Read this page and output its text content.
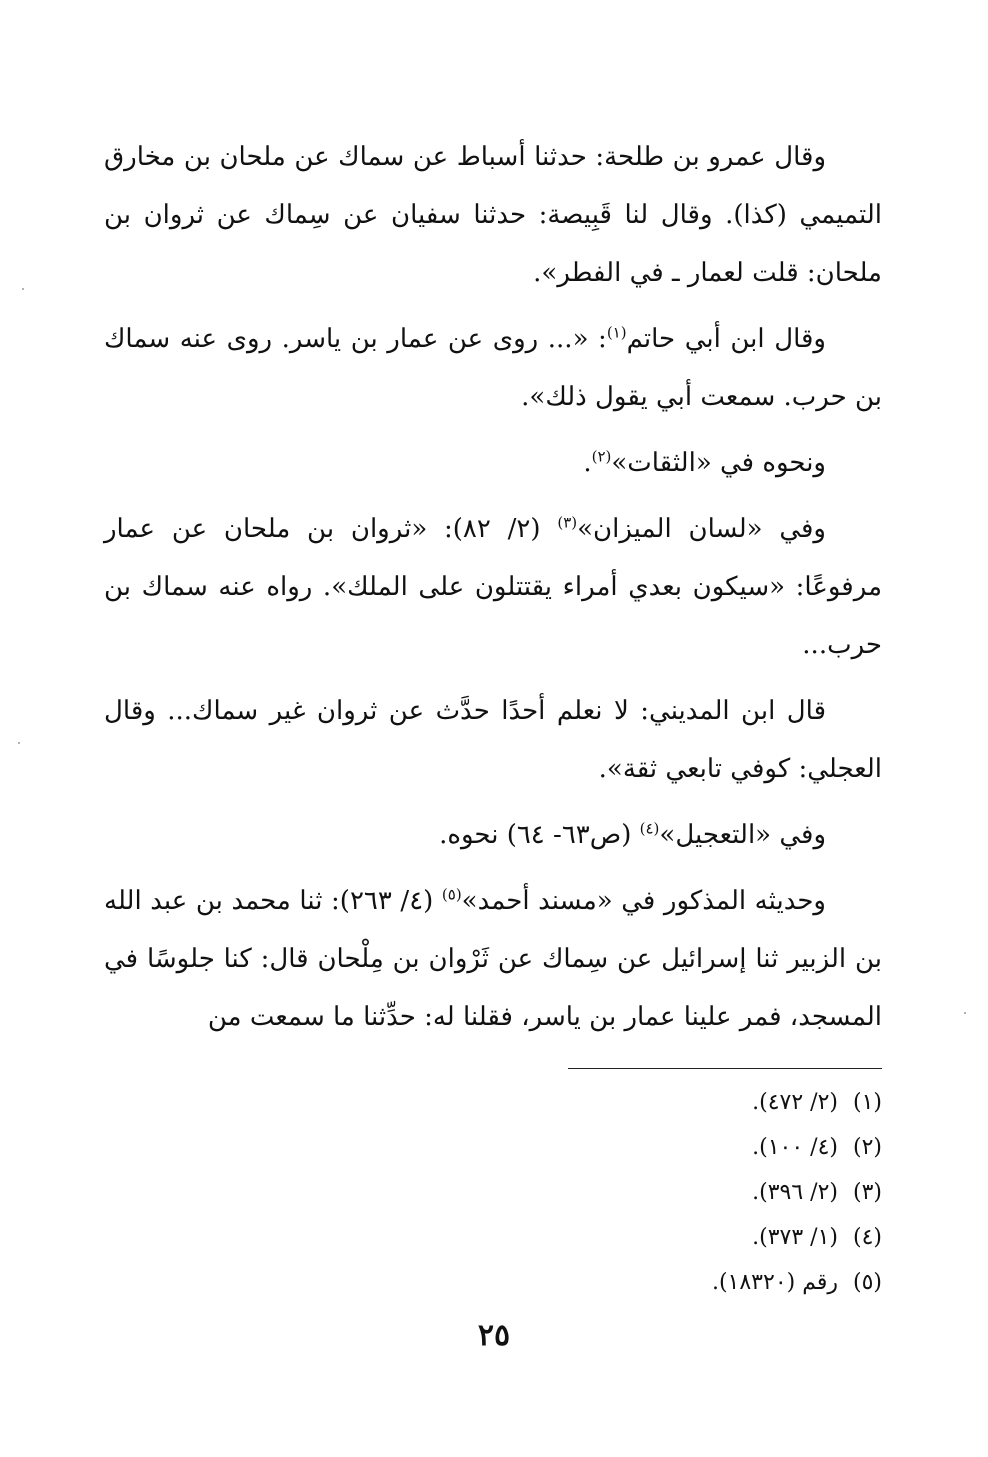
وقال عمرو بن طلحة: حدثنا أسباط عن سماك عن ملحان بن مخارق التميمي (كذا). وقال لنا قَبِيصة: حدثنا سفيان عن سِماك عن ثروان بن ملحان: قلت لعمار ـ في الفطر».

وقال ابن أبي حاتم$^{(١)}$: «... روى عن عمار بن ياسر. روى عنه سماك بن حرب. سمعت أبي يقول ذلك».

ونحوه في «الثقات»$^{(٢)}$.

وفي «لسان الميزان»$^{(٣)}$ (٢/ ٨٢): «ثروان بن ملحان عن عمار مرفوعًا: «سيكون بعدي أمراء يقتتلون على الملك». رواه عنه سماك بن حرب...

قال ابن المديني: لا نعلم أحدًا حدَّث عن ثروان غير سماك... وقال العجلي: كوفي تابعي ثقة».

وفي «التعجيل»$^{(٤)}$ (ص٦٣- ٦٤) نحوه.

وحديثه المذكور في «مسند أحمد»$^{(٥)}$ (٤/ ٢٦٣): ثنا محمد بن عبد الله بن الزبير ثنا إسرائيل عن سِماك عن ثَرْوان بن مِلْحان قال: كنا جلوسًا في المسجد، فمر علينا عمار بن ياسر، فقلنا له: حدِّثنا ما سمعت من

(١)
(٢/ ٤٧٢).
(٢)
(٤/ ١٠٠).
(٣)
(٢/ ٣٩٦).
(٤)
(١/ ٣٧٣).
(٥)
رقم (١٨٣٢٠).
٢٥
